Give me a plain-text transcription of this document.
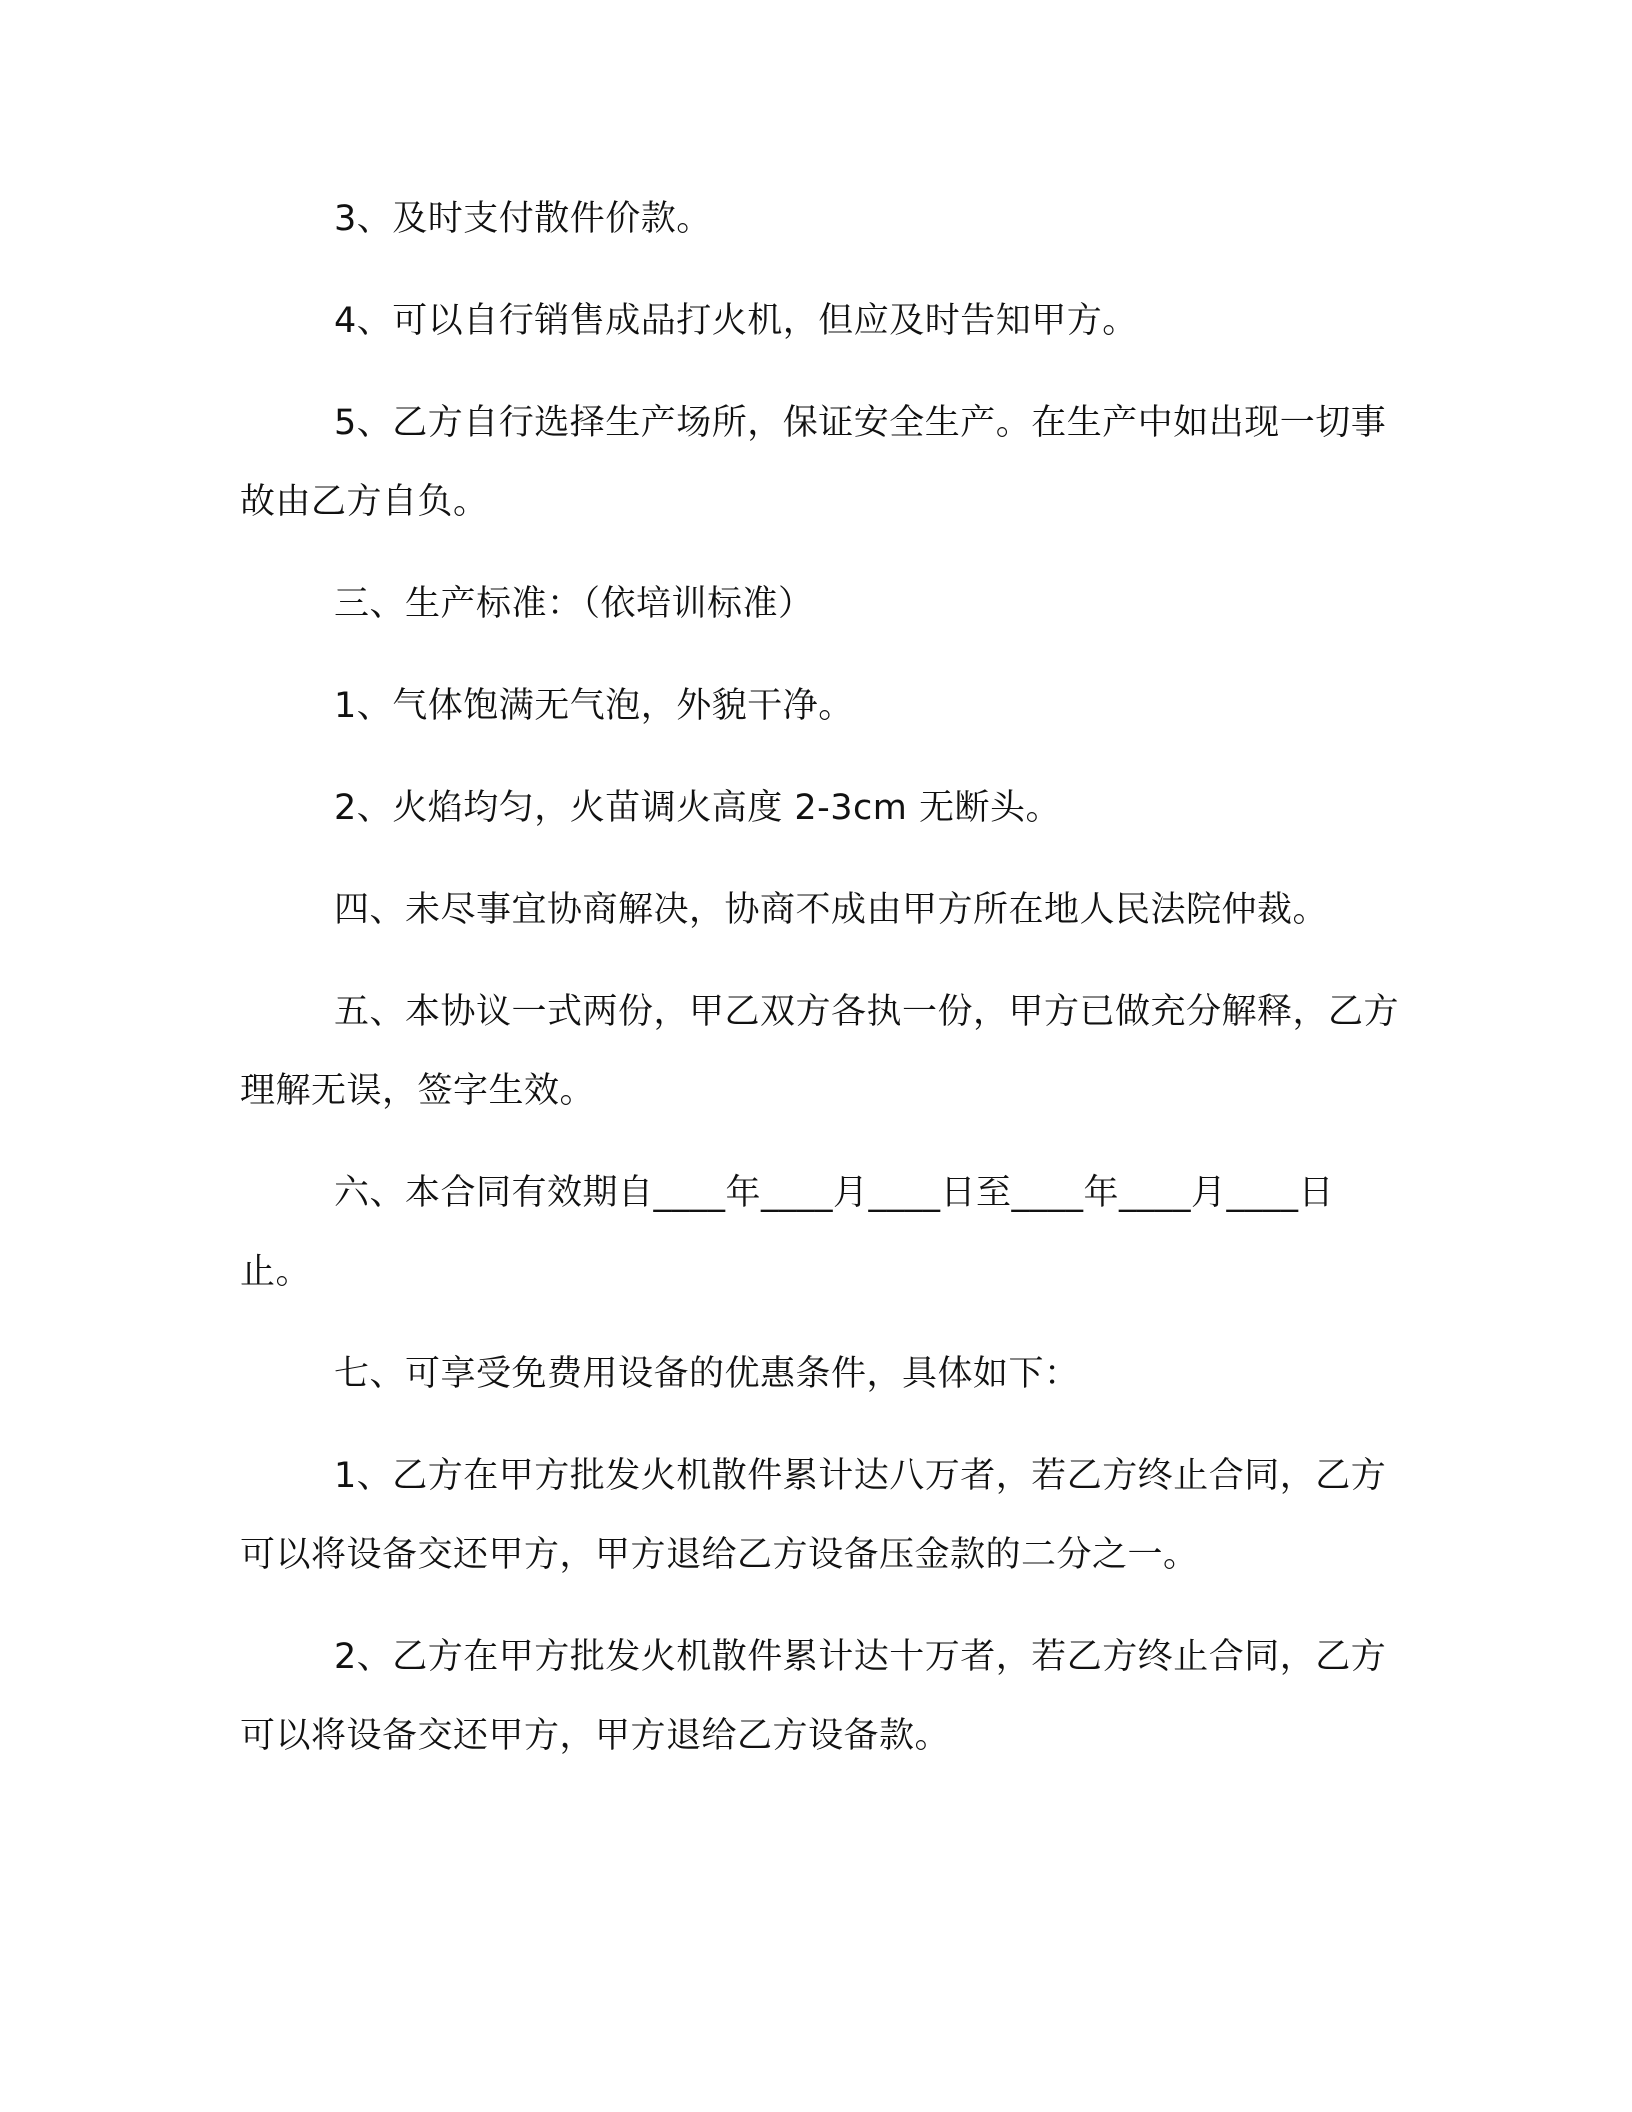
3、及时支付散件价款。

4、可以自行销售成品打火机，但应及时告知甲方。

5、乙方自行选择生产场所，保证安全生产。在生产中如出现一切事故由乙方自负。

三、生产标准：（依培训标准）

1、气体饱满无气泡，外貌干净。

2、火焰均匀，火苗调火高度 2-3cm 无断头。

四、未尽事宜协商解决，协商不成由甲方所在地人民法院仲裁。

五、本协议一式两份，甲乙双方各执一份，甲方已做充分解释，乙方理解无误，签字生效。

六、本合同有效期自____年____月____日至____年____月____日止。

七、可享受免费用设备的优惠条件，具体如下：

1、乙方在甲方批发火机散件累计达八万者，若乙方终止合同，乙方可以将设备交还甲方，甲方退给乙方设备压金款的二分之一。

2、乙方在甲方批发火机散件累计达十万者，若乙方终止合同，乙方可以将设备交还甲方，甲方退给乙方设备款。
